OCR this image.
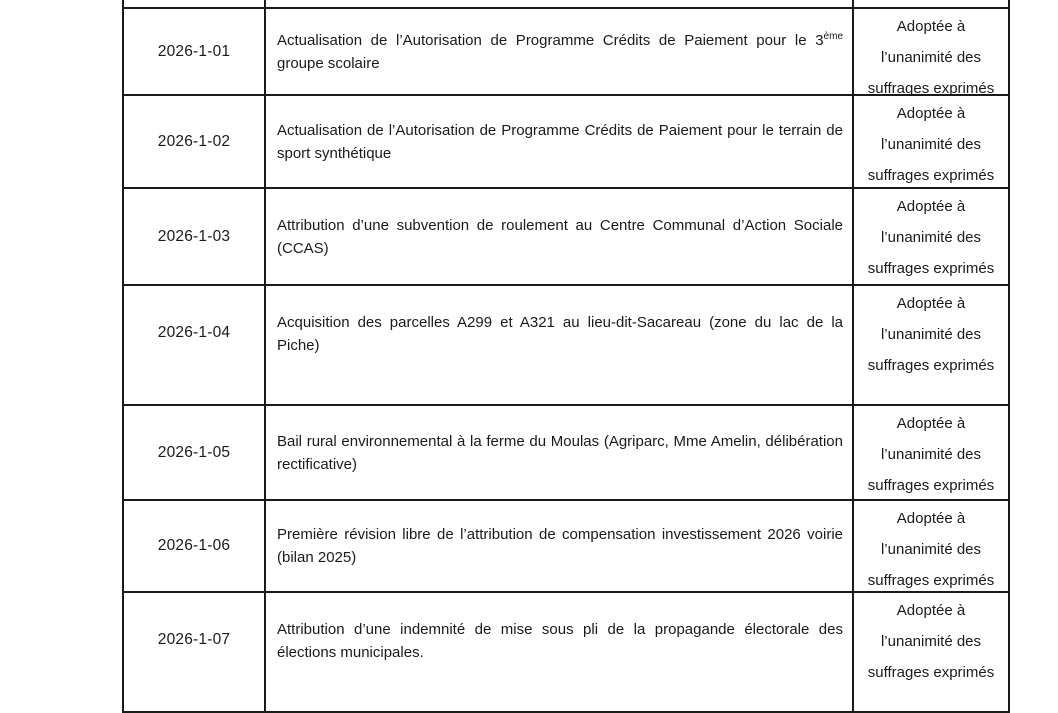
2026-1-01

Actualisation de l’Autorisation de Programme Crédits de Paiement pour le 3ème groupe scolaire

Adoptée à l’unanimité des suffrages exprimés
2026-1-02

Actualisation de l’Autorisation de Programme Crédits de Paiement pour le terrain de sport synthétique

Adoptée à l’unanimité des suffrages exprimés
2026-1-03

Attribution d’une subvention de roulement au Centre Communal d’Action Sociale (CCAS)

Adoptée à l’unanimité des suffrages exprimés
2026-1-04

Acquisition des parcelles A299 et A321 au lieu-dit-Sacareau (zone du lac de la Piche)

Adoptée à l’unanimité des suffrages exprimés
2026-1-05

Bail rural environnemental à la ferme du Moulas (Agriparc, Mme Amelin, délibération rectificative)

Adoptée à l’unanimité des suffrages exprimés
2026-1-06

Première révision libre de l’attribution de compensation investissement 2026 voirie (bilan 2025)

Adoptée à l’unanimité des suffrages exprimés
2026-1-07

Attribution d’une indemnité de mise sous pli de la propagande électorale des élections municipales.

Adoptée à l’unanimité des suffrages exprimés
